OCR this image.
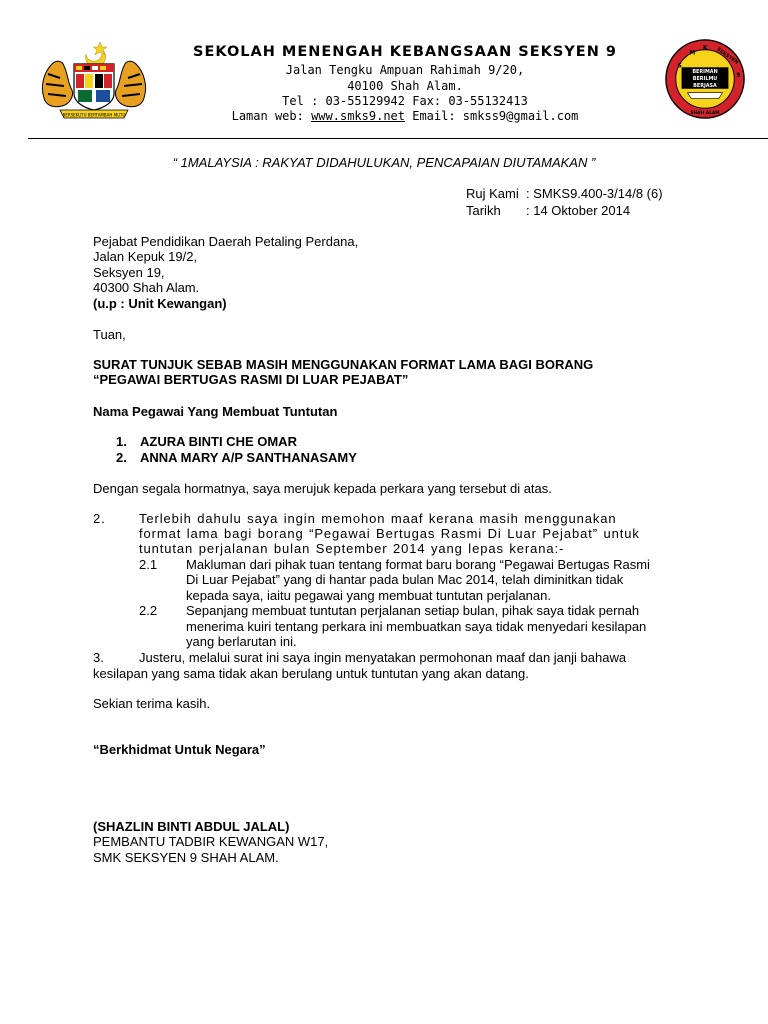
BERSEKUTU BERTAMBAH MUTU
S
M
K SEKSYEN
9
BERIMAN
BERILMU
BERJASA
SHAH ALAM
SEKOLAH MENENGAH KEBANGSAAN SEKSYEN 9
Jalan Tengku Ampuan Rahimah 9/20,
40100 Shah Alam.
Tel : 03-55129942 Fax: 03-55132413
Laman web: www.smks9.net Email: smkss9@gmail.com
“ 1MALAYSIA : RAKYAT DIDAHULUKAN, PENCAPAIAN DIUTAMAKAN ”
Ruj Kami : SMKS9.400-3/14/8 (6)
Tarikh : 14 Oktober 2014
Pejabat Pendidikan Daerah Petaling Perdana,
Jalan Kepuk 19/2,
Seksyen 19,
40300 Shah Alam.
(u.p : Unit Kewangan)
Tuan,
SURAT TUNJUK SEBAB MASIH MENGGUNAKAN FORMAT LAMA BAGI BORANG
“PEGAWAI BERTUGAS RASMI DI LUAR PEJABAT”
Nama Pegawai Yang Membuat Tuntutan
1. AZURA BINTI CHE OMAR
2. ANNA MARY A/P SANTHANASAMY
Dengan segala hormatnya, saya merujuk kepada perkara yang tersebut di atas.
2.	Terlebih dahulu saya ingin memohon maaf kerana masih menggunakan
format lama bagi borang “Pegawai Bertugas Rasmi Di Luar Pejabat” untuk
tuntutan perjalanan bulan September 2014 yang lepas kerana:-
2.1 Makluman dari pihak tuan tentang format baru borang “Pegawai Bertugas Rasmi
Di Luar Pejabat” yang di hantar pada bulan Mac 2014, telah diminitkan tidak
kepada saya, iaitu pegawai yang membuat tuntutan perjalanan.
2.2 Sepanjang membuat tuntutan perjalanan setiap bulan, pihak saya tidak pernah
menerima kuiri tentang perkara ini membuatkan saya tidak menyedari kesilapan
yang berlarutan ini.
3.	Justeru, melalui surat ini saya ingin menyatakan permohonan maaf dan janji bahawa
kesilapan yang sama tidak akan berulang untuk tuntutan yang akan datang.
Sekian terima kasih.
“Berkhidmat Untuk Negara”
(SHAZLIN BINTI ABDUL JALAL)
PEMBANTU TADBIR KEWANGAN W17,
SMK SEKSYEN 9 SHAH ALAM.
